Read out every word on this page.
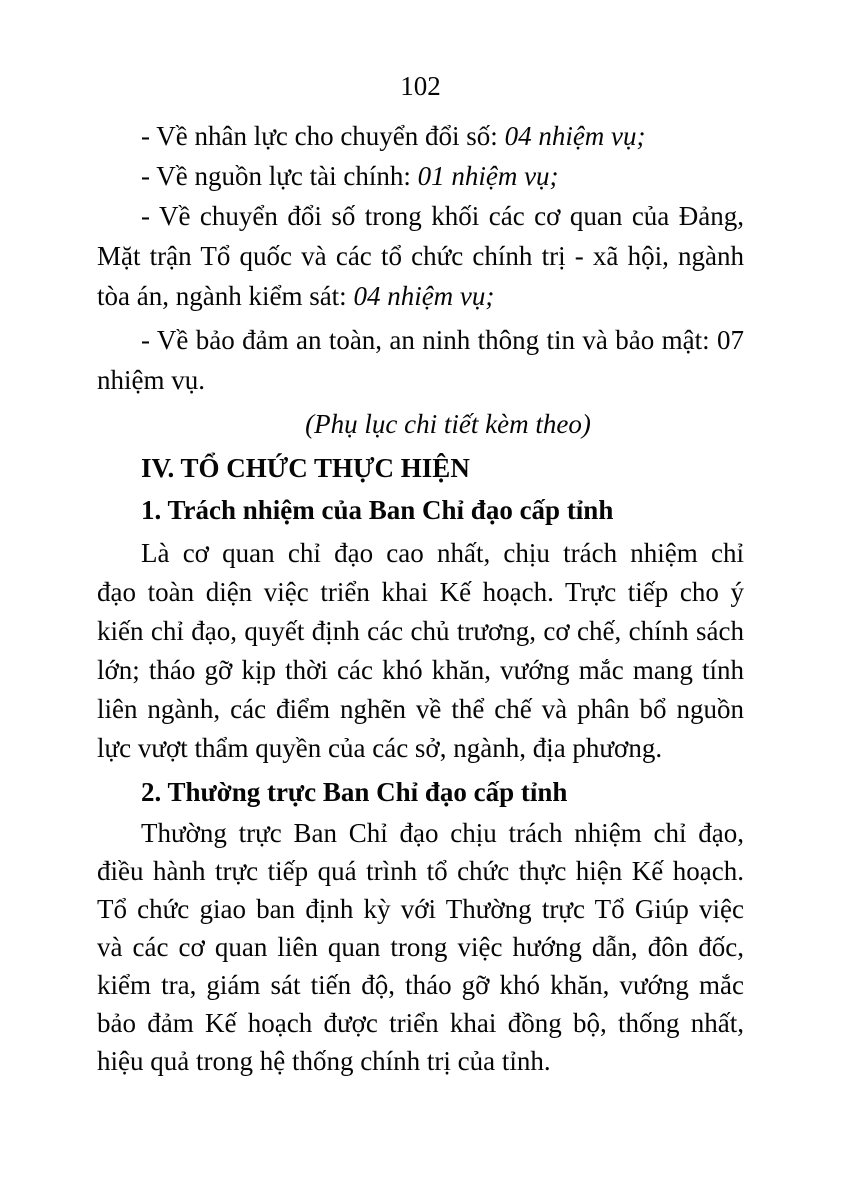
102
- Về nhân lực cho chuyển đổi số: 04 nhiệm vụ;
- Về nguồn lực tài chính: 01 nhiệm vụ;
- Về chuyển đổi số trong khối các cơ quan của Đảng,
Mặt trận Tổ quốc và các tổ chức chính trị - xã hội, ngành
tòa án, ngành kiểm sát: 04 nhiệm vụ;
- Về bảo đảm an toàn, an ninh thông tin và bảo mật: 07
nhiệm vụ.
(Phụ lục chi tiết kèm theo)
IV. TỔ CHỨC THỰC HIỆN
1. Trách nhiệm của Ban Chỉ đạo cấp tỉnh
Là cơ quan chỉ đạo cao nhất, chịu trách nhiệm chỉ
đạo toàn diện việc triển khai Kế hoạch. Trực tiếp cho ý
kiến chỉ đạo, quyết định các chủ trương, cơ chế, chính sách
lớn; tháo gỡ kịp thời các khó khăn, vướng mắc mang tính
liên ngành, các điểm nghẽn về thể chế và phân bổ nguồn
lực vượt thẩm quyền của các sở, ngành, địa phương.
2. Thường trực Ban Chỉ đạo cấp tỉnh
Thường trực Ban Chỉ đạo chịu trách nhiệm chỉ đạo,
điều hành trực tiếp quá trình tổ chức thực hiện Kế hoạch.
Tổ chức giao ban định kỳ với Thường trực Tổ Giúp việc
và các cơ quan liên quan trong việc hướng dẫn, đôn đốc,
kiểm tra, giám sát tiến độ, tháo gỡ khó khăn, vướng mắc
bảo đảm Kế hoạch được triển khai đồng bộ, thống nhất,
hiệu quả trong hệ thống chính trị của tỉnh.
